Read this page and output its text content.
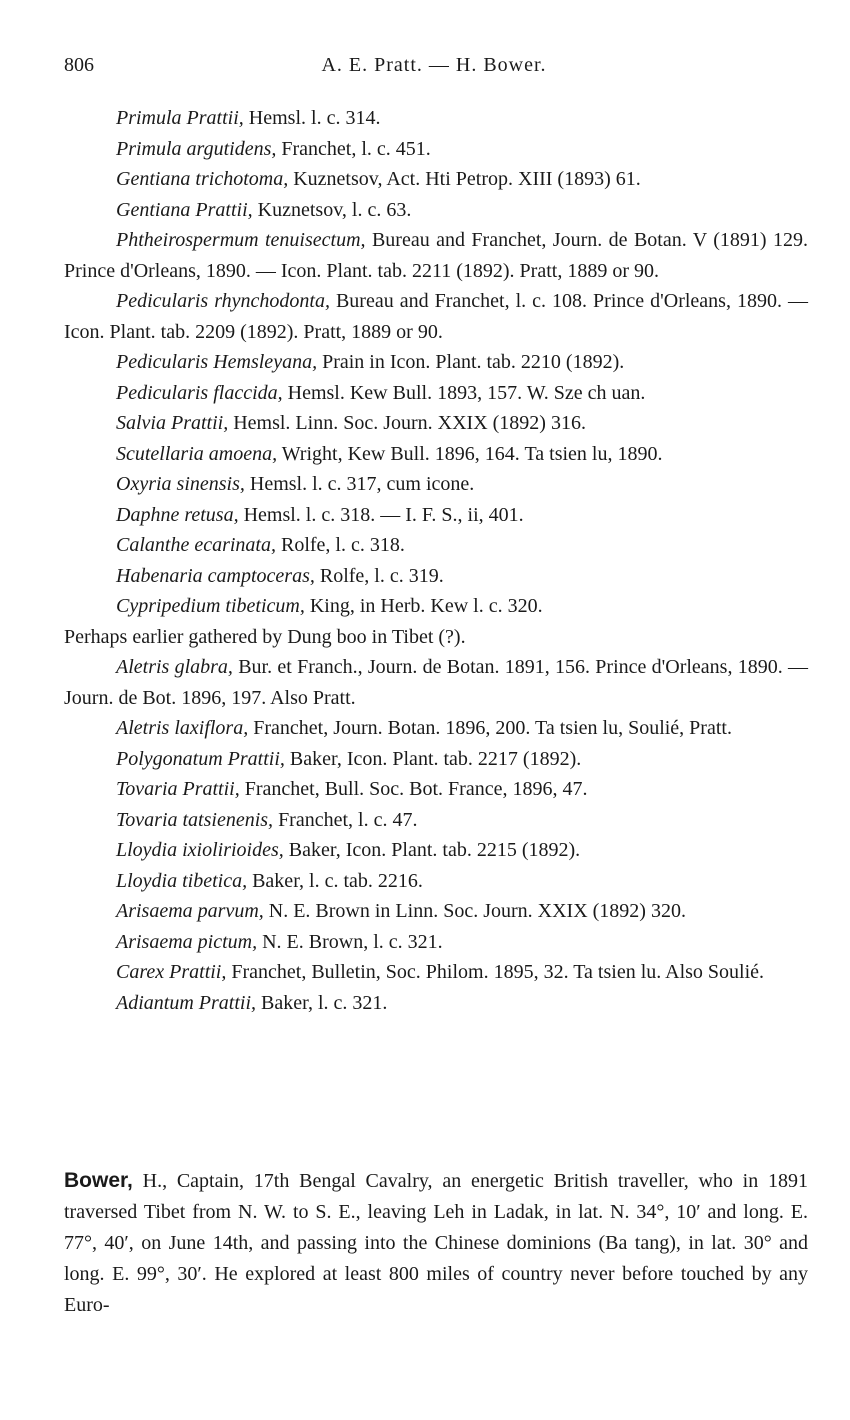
806	A. E. Pratt. — H. Bower.

Primula Prattii, Hemsl. l. c. 314.

Primula argutidens, Franchet, l. c. 451.

Gentiana trichotoma, Kuznetsov, Act. Hti Petrop. XIII (1893) 61.

Gentiana Prattii, Kuznetsov, l. c. 63.

Phtheirospermum tenuisectum, Bureau and Franchet, Journ. de Botan. V (1891) 129. Prince d'Orleans, 1890. — Icon. Plant. tab. 2211 (1892). Pratt, 1889 or 90.

Pedicularis rhynchodonta, Bureau and Franchet, l. c. 108. Prince d'Orleans, 1890. — Icon. Plant. tab. 2209 (1892). Pratt, 1889 or 90.

Pedicularis Hemsleyana, Prain in Icon. Plant. tab. 2210 (1892).

Pedicularis flaccida, Hemsl. Kew Bull. 1893, 157. W. Sze ch uan.

Salvia Prattii, Hemsl. Linn. Soc. Journ. XXIX (1892) 316.

Scutellaria amoena, Wright, Kew Bull. 1896, 164. Ta tsien lu, 1890.

Oxyria sinensis, Hemsl. l. c. 317, cum icone.

Daphne retusa, Hemsl. l. c. 318. — I. F. S., ii, 401.

Calanthe ecarinata, Rolfe, l. c. 318.

Habenaria camptoceras, Rolfe, l. c. 319.

Cypripedium tibeticum, King, in Herb. Kew l. c. 320.

Perhaps earlier gathered by Dung boo in Tibet (?).

Aletris glabra, Bur. et Franch., Journ. de Botan. 1891, 156. Prince d'Orleans, 1890. — Journ. de Bot. 1896, 197. Also Pratt.

Aletris laxiflora, Franchet, Journ. Botan. 1896, 200. Ta tsien lu, Soulié, Pratt.

Polygonatum Prattii, Baker, Icon. Plant. tab. 2217 (1892).

Tovaria Prattii, Franchet, Bull. Soc. Bot. France, 1896, 47.

Tovaria tatsienenis, Franchet, l. c. 47.

Lloydia ixiolirioides, Baker, Icon. Plant. tab. 2215 (1892).

Lloydia tibetica, Baker, l. c. tab. 2216.

Arisaema parvum, N. E. Brown in Linn. Soc. Journ. XXIX (1892) 320.

Arisaema pictum, N. E. Brown, l. c. 321.

Carex Prattii, Franchet, Bulletin, Soc. Philom. 1895, 32. Ta tsien lu. Also Soulié.

Adiantum Prattii, Baker, l. c. 321.

Bower, H., Captain, 17th Bengal Cavalry, an energetic British traveller, who in 1891 traversed Tibet from N. W. to S. E., leaving Leh in Ladak, in lat. N. 34°, 10′ and long. E. 77°, 40′, on June 14th, and passing into the Chinese dominions (Ba tang), in lat. 30° and long. E. 99°, 30′. He explored at least 800 miles of country never before touched by any Euro-
